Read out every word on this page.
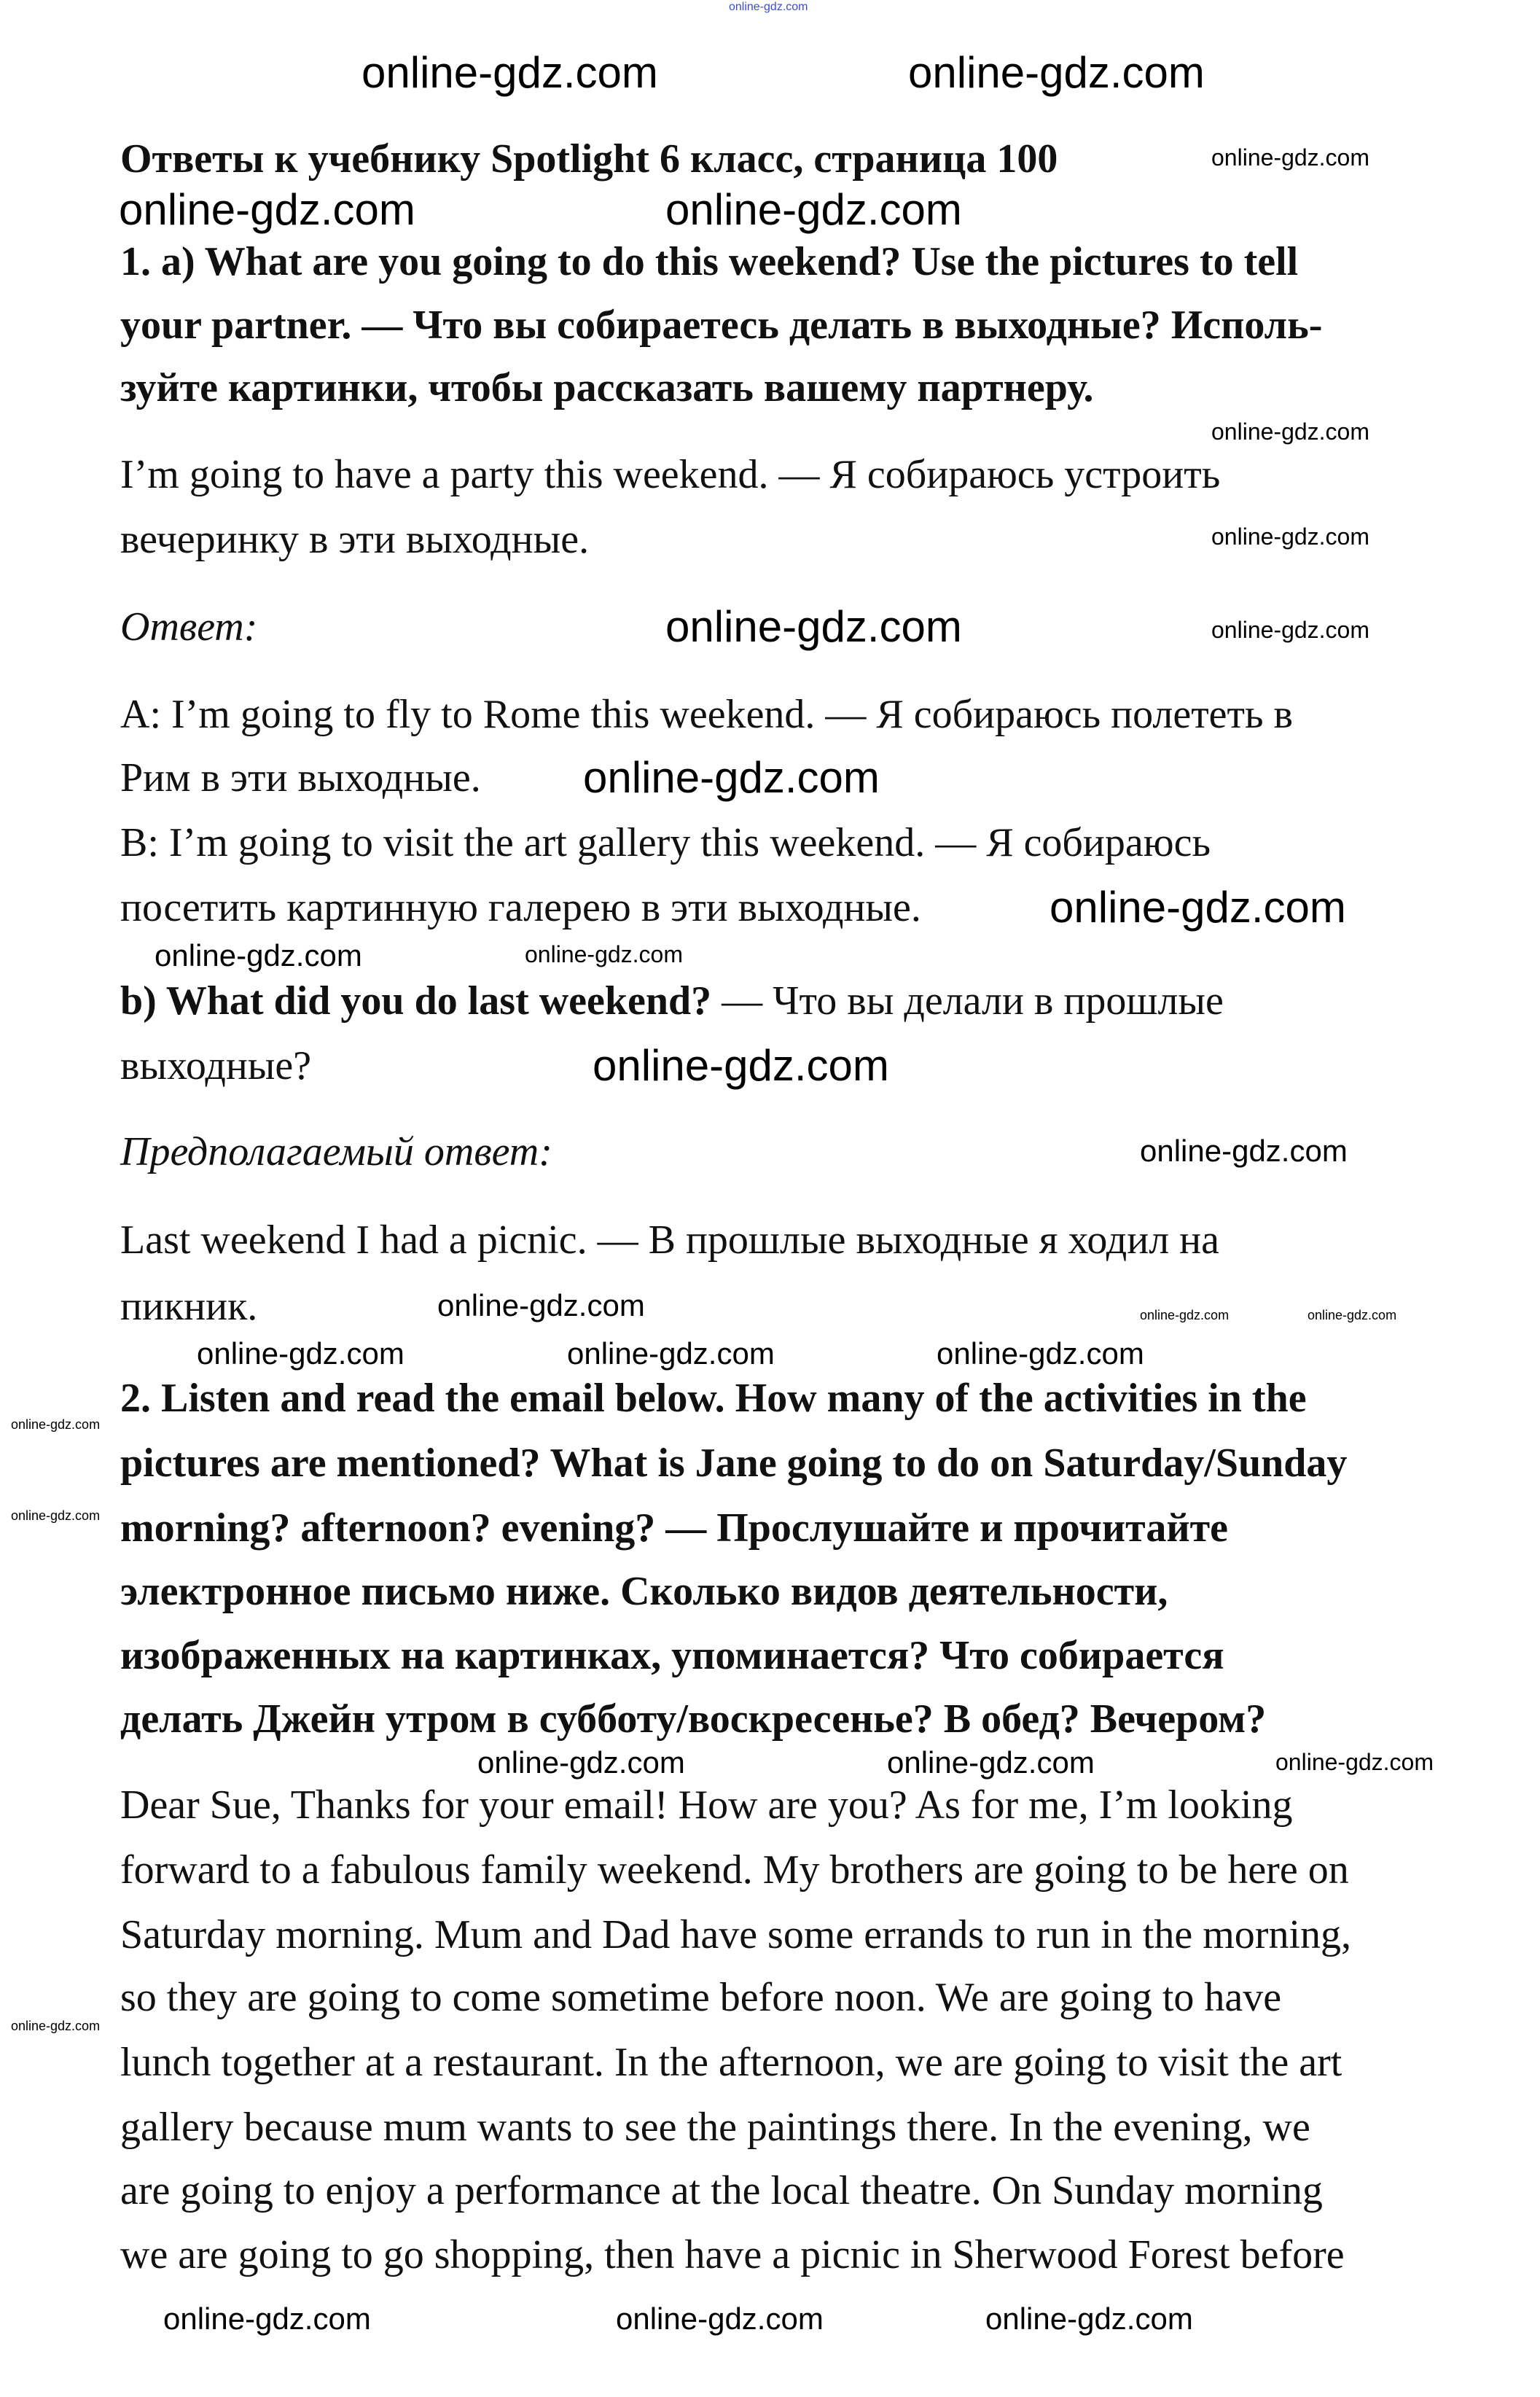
online-gdz.com
Ответы к учебнику Spotlight 6 класс, страница 100
1. a) What are you going to do this weekend? Use the pictures to tell
your partner. — Что вы собираетесь делать в выходные? Исполь-
зуйте картинки, чтобы рассказать вашему партнеру.
I’m going to have a party this weekend. — Я собираюсь устроить
вечеринку в эти выходные.
Ответ:
A: I’m going to fly to Rome this weekend. — Я собираюсь полететь в
Рим в эти выходные.
B: I’m going to visit the art gallery this weekend. — Я собираюсь
посетить картинную галерею в эти выходные.
b) What did you do last weekend? — Что вы делали в прошлые
выходные?
Предполагаемый ответ:
Last weekend I had a picnic. — В прошлые выходные я ходил на
пикник.
2. Listen and read the email below. How many of the activities in the
pictures are mentioned? What is Jane going to do on Saturday/Sunday
morning? afternoon? evening? — Прослушайте и прочитайте
электронное письмо ниже. Сколько видов деятельности,
изображенных на картинках, упоминается? Что собирается
делать Джейн утром в субботу/воскресенье? В обед? Вечером?
Dear Sue, Thanks for your email! How are you? As for me, I’m looking
forward to a fabulous family weekend. My brothers are going to be here on
Saturday morning. Mum and Dad have some errands to run in the morning,
so they are going to come sometime before noon. We are going to have
lunch together at a restaurant. In the afternoon, we are going to visit the art
gallery because mum wants to see the paintings there. In the evening, we
are going to enjoy a performance at the local theatre. On Sunday morning
we are going to go shopping, then have a picnic in Sherwood Forest before
online-gdz.com
online-gdz.com	online-gdz.com
online-gdz.com
online-gdz.com
online-gdz.com	online-gdz.com
online-gdz.com
online-gdz.com
online-gdz.com
online-gdz.com
online-gdz.com
online-gdz.com
online-gdz.com	online-gdz.com	online-gdz.com
online-gdz.com
online-gdz.com	online-gdz.com	online-gdz.com
online-gdz.com
online-gdz.com	online-gdz.com
online-gdz.com
online-gdz.com	online-gdz.com	online-gdz.com
online-gdz.com	online-gdz.com	online-gdz.com
